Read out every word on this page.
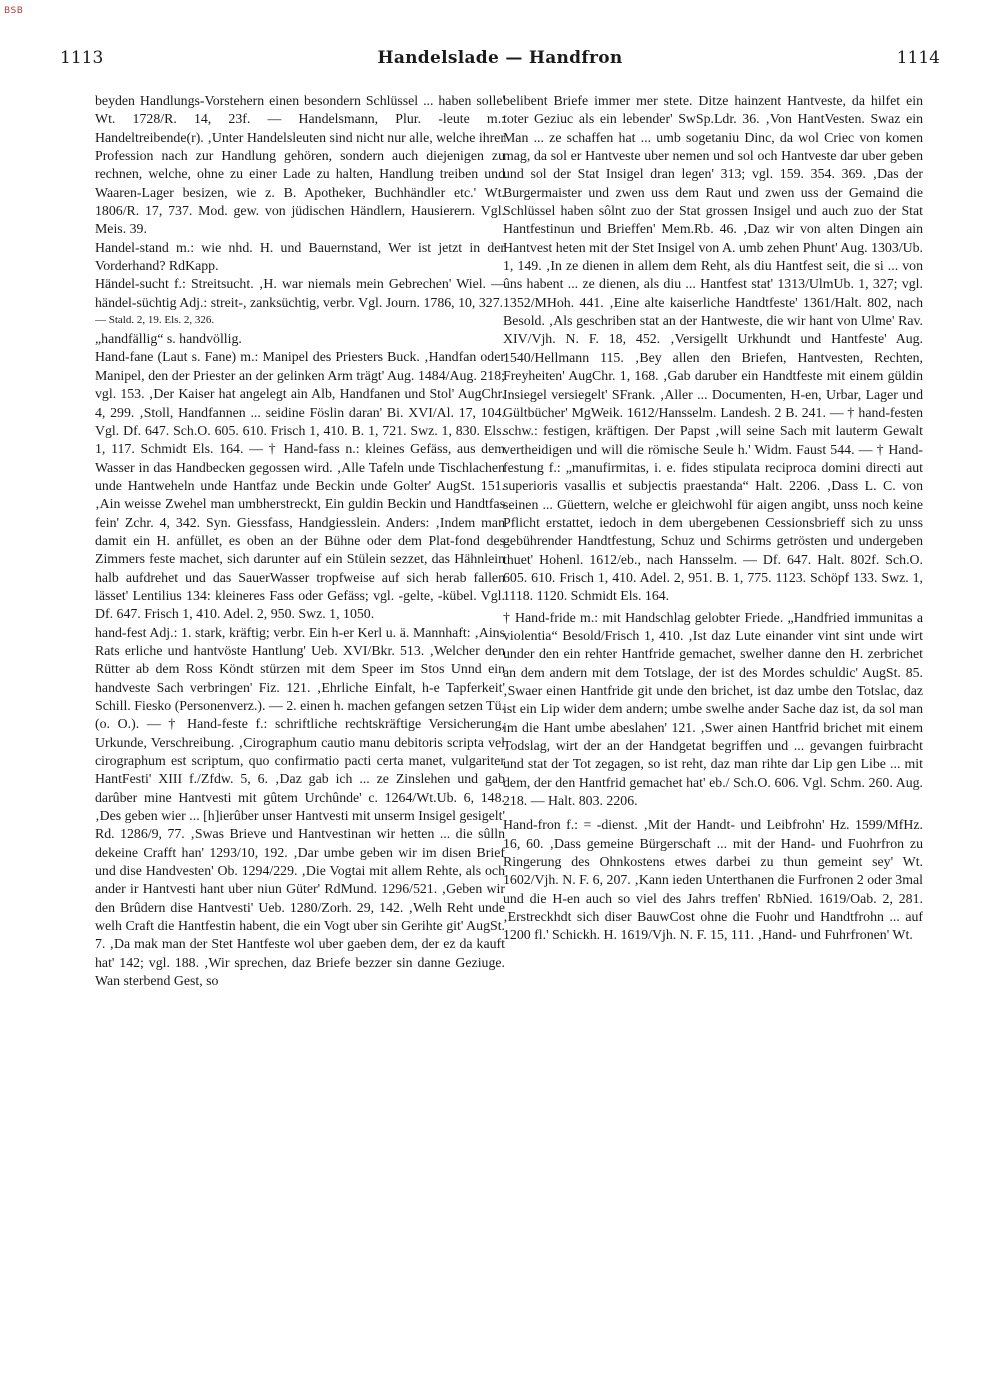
BSB
1113	Handelslade — Handfron	1114

beyden Handlungs-Vorstehern einen besondern Schlüssel ... haben solle' Wt. 1728/R. 14, 23f. — Handelsmann, Plur. -leute m.: Handeltreibende(r). ‚Unter Handelsleuten sind nicht nur alle, welche ihrer Profession nach zur Handlung gehören, sondern auch diejenigen zu rechnen, welche, ohne zu einer Lade zu halten, Handlung treiben und Waaren-Lager besizen, wie z. B. Apotheker, Buchhändler etc.' Wt. 1806/R. 17, 737. Mod. gew. von jüdischen Händlern, Hausierern. Vgl. Meis. 39.

Handel-stand m.: wie nhd. H. und Bauernstand, Wer ist jetzt in der Vorderhand? RdKapp.

Händel-sucht f.: Streitsucht. ‚H. war niemals mein Gebrechen' Wiel. — händel-süchtig Adj.: streit-, zanksüchtig, verbr. Vgl. Journ. 1786, 10, 327.

— Stald. 2, 19. Els. 2, 326.

„handfällig“ s. handvöllig.

Hand-fane (Laut s. Fane) m.: Manipel des Priesters Buck. ‚Handfan oder Manipel, den der Priester an der gelinken Arm trägt' Aug. 1484/Aug. 218; vgl. 153. ‚Der Kaiser hat angelegt ain Alb, Handfanen und Stol' AugChr. 4, 299. ‚Stoll, Handfannen ... seidine Föslin daran' Bi. XVI/Al. 17, 104. Vgl. Df. 647. Sch.O. 605. 610. Frisch 1, 410. B. 1, 721. Swz. 1, 830. Els. 1, 117. Schmidt Els. 164. — † Hand-fass n.: kleines Gefäss, aus dem Wasser in das Handbecken gegossen wird. ‚Alle Tafeln unde Tischlachen unde Hantweheln unde Hantfaz unde Beckin unde Golter' AugSt. 151. ‚Ain weisse Zwehel man umbherstreckt, Ein guldin Beckin und Handtfas fein' Zchr. 4, 342. Syn. Giessfass, Handgiesslein. Anders: ‚Indem man damit ein H. anfüllet, es oben an der Bühne oder dem Plat-fond des Zimmers feste machet, sich darunter auf ein Stülein sezzet, das Hähnlein halb aufdrehet und das SauerWasser tropfweise auf sich herab fallen lässet' Lentilius 134: kleineres Fass oder Gefäss; vgl. -gelte, -kübel. Vgl. Df. 647. Frisch 1, 410. Adel. 2, 950. Swz. 1, 1050.

hand-fest Adj.: 1. stark, kräftig; verbr. Ein h-er Kerl u. ä. Mannhaft: ‚Ains Rats erliche und hantvöste Hantlung' Ueb. XVI/Bkr. 513. ‚Welcher den Rütter ab dem Ross Köndt stürzen mit dem Speer im Stos Unnd ein handveste Sach verbringen' Fiz. 121. ‚Ehrliche Einfalt, h-e Tapferkeit' Schill. Fiesko (Personenverz.). — 2. einen h. machen gefangen setzen Tü. (o. O.). — † Hand-feste f.: schriftliche rechtskräftige Versicherung, Urkunde, Verschreibung. ‚Cirographum cautio manu debitoris scripta vel cirographum est scriptum, quo confirmatio pacti certa manet, vulgariter HantFesti' XIII f./Zfdw. 5, 6. ‚Daz gab ich ... ze Zinslehen und gab darûber mine Hantvesti mit gûtem Urchûnde' c. 1264/Wt.Ub. 6, 148. ‚Des geben wier ... [h]ierûber unser Hantvesti mit unserm Insigel gesigelt' Rd. 1286/9, 77. ‚Swas Brieve und Hantvestinan wir hetten ... die sûlln dekeine Crafft han' 1293/10, 192. ‚Dar umbe geben wir im disen Brief und dise Handvesten' Ob. 1294/229. ‚Die Vogtai mit allem Rehte, als och ander ir Hantvesti hant uber niun Güter' RdMund. 1296/521. ‚Geben wir den Brûdern dise Hantvesti' Ueb. 1280/Zorh. 29, 142. ‚Welh Reht unde welh Craft die Hantfestin habent, die ein Vogt uber sin Gerihte git' AugSt. 7. ‚Da mak man der Stet Hantfeste wol uber gaeben dem, der ez da kauft hat' 142; vgl. 188. ‚Wir sprechen, daz Briefe bezzer sin danne Geziuge. Wan sterbend Gest, so

belibent Briefe immer mer stete. Ditze hainzent Hantveste, da hilfet ein toter Geziuc als ein lebender' SwSp.Ldr. 36. ‚Von HantVesten. Swaz ein Man ... ze schaffen hat ... umb sogetaniu Dinc, da wol Criec von komen mag, da sol er Hantveste uber nemen und sol och Hantveste dar uber geben und sol der Stat Insigel dran legen' 313; vgl. 159. 354. 369. ‚Das der Burgermaister und zwen uss dem Raut und zwen uss der Gemaind die Schlüssel haben sôlnt zuo der Stat grossen Insigel und auch zuo der Stat Hantfestinun und Brieffen' Mem.Rb. 46. ‚Daz wir von alten Dingen ain Hantvest heten mit der Stet Insigel von A. umb zehen Phunt' Aug. 1303/Ub. 1, 149. ‚In ze dienen in allem dem Reht, als diu Hantfest seit, die si ... von ûns habent ... ze dienen, als diu ... Hantfest stat' 1313/UlmUb. 1, 327; vgl. 1352/MHoh. 441. ‚Eine alte kaiserliche Handtfeste' 1361/Halt. 802, nach Besold. ‚Als geschriben stat an der Hantweste, die wir hant von Ulme' Rav. XIV/Vjh. N. F. 18, 452. ‚Versigellt Urkhundt und Hantfeste' Aug. 1540/Hellmann 115. ‚Bey allen den Briefen, Hantvesten, Rechten, Freyheiten' AugChr. 1, 168. ‚Gab daruber ein Handtfeste mit einem güldin Insiegel versiegelt' SFrank. ‚Aller ... Documenten, H-en, Urbar, Lager und Gültbücher' MgWeik. 1612/Hansselm. Landesh. 2 B. 241. — † hand-festen schw.: festigen, kräftigen. Der Papst ‚will seine Sach mit lauterm Gewalt vertheidigen und will die römische Seule h.' Widm. Faust 544. — † Hand-festung f.: „manufirmitas, i. e. fides stipulata reciproca domini directi aut superioris vasallis et subjectis praestanda“ Halt. 2206. ‚Dass L. C. von seinen ... Güettern, welche er gleichwohl für aigen angibt, unss noch keine Pflicht erstattet, iedoch in dem ubergebenen Cessionsbrieff sich zu unss gebührender Handtfestung, Schuz und Schirms getrösten und undergeben thuet' Hohenl. 1612/eb., nach Hansselm. — Df. 647. Halt. 802f. Sch.O. 605. 610. Frisch 1, 410. Adel. 2, 951. B. 1, 775. 1123. Schöpf 133. Swz. 1, 1118. 1120. Schmidt Els. 164.

† Hand-fride m.: mit Handschlag gelobter Friede. „Handfried immunitas a violentia“ Besold/Frisch 1, 410. ‚Ist daz Lute einander vint sint unde wirt under den ein rehter Hantfride gemachet, swelher danne den H. zerbrichet an dem andern mit dem Totslage, der ist des Mordes schuldic' AugSt. 85. ‚Swaer einen Hantfride git unde den brichet, ist daz umbe den Totslac, daz ist ein Lip wider dem andern; umbe swelhe ander Sache daz ist, da sol man im die Hant umbe abeslahen' 121. ‚Swer ainen Hantfrid brichet mit einem Todslag, wirt der an der Handgetat begriffen und ... gevangen fuirbracht und stat der Tot zegagen, so ist reht, daz man rihte dar Lip gen Libe ... mit dem, der den Hantfrid gemachet hat' eb./ Sch.O. 606. Vgl. Schm. 260. Aug. 218. — Halt. 803. 2206.

Hand-fron f.: = -dienst. ‚Mit der Handt- und Leibfrohn' Hz. 1599/MfHz. 16, 60. ‚Dass gemeine Bürgerschaft ... mit der Hand- und Fuohrfron zu Ringerung des Ohnkostens etwes darbei zu thun gemeint sey' Wt. 1602/Vjh. N. F. 6, 207. ‚Kann ieden Unterthanen die Furfronen 2 oder 3mal und die H-en auch so viel des Jahrs treffen' RbNied. 1619/Oab. 2, 281. ‚Erstreckhdt sich diser BauwCost ohne die Fuohr und Handtfrohn ... auf 1200 fl.' Schickh. H. 1619/Vjh. N. F. 15, 111. ‚Hand- und Fuhrfronen' Wt.
